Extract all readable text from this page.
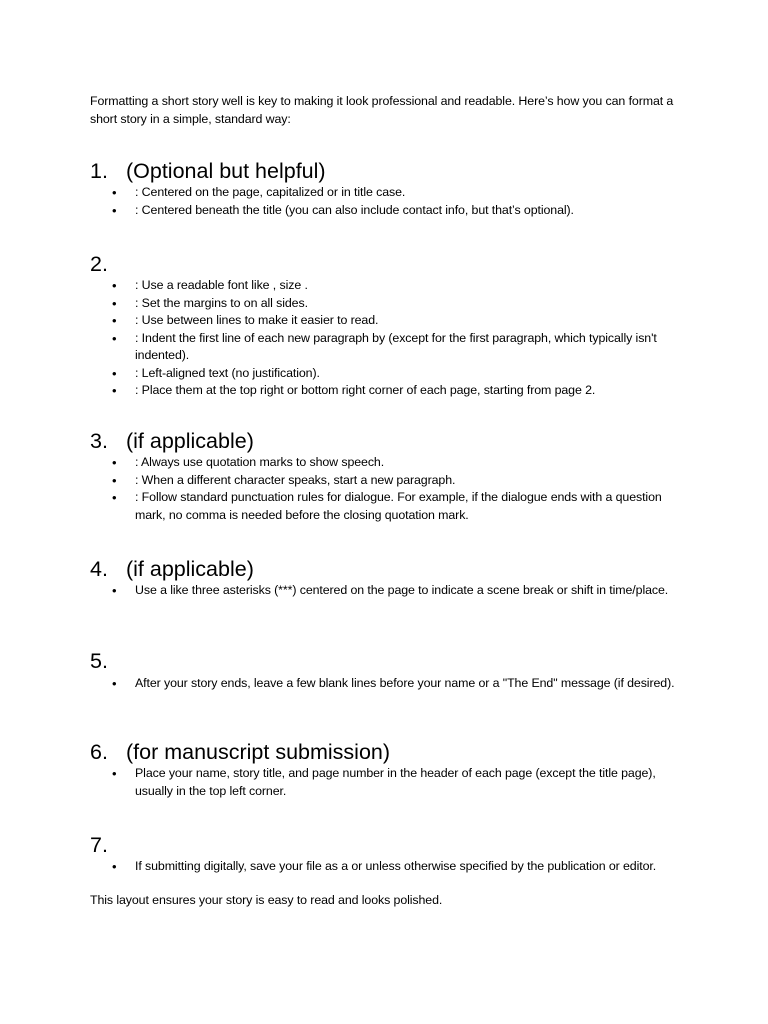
Formatting a short story well is key to making it look professional and readable. Here’s how you can format a short story in a simple, standard way:

1. (Optional but helpful)
• : Centered on the page, capitalized or in title case.
• : Centered beneath the title (you can also include contact info, but that’s optional).
2.
• : Use a readable font like , size .
• : Set the margins to on all sides.
• : Use between lines to make it easier to read.
• : Indent the first line of each new paragraph by (except for the first paragraph, which typically isn't indented).
• : Left-aligned text (no justification).
• : Place them at the top right or bottom right corner of each page, starting from page 2.
3. (if applicable)
• : Always use quotation marks to show speech.
• : When a different character speaks, start a new paragraph.
• : Follow standard punctuation rules for dialogue. For example, if the dialogue ends with a question mark, no comma is needed before the closing quotation mark.
4. (if applicable)
• Use a like three asterisks (***) centered on the page to indicate a scene break or shift in time/place.
5.
• After your story ends, leave a few blank lines before your name or a "The End" message (if desired).
6. (for manuscript submission)
• Place your name, story title, and page number in the header of each page (except the title page), usually in the top left corner.
7.
• If submitting digitally, save your file as a or unless otherwise specified by the publication or editor.

This layout ensures your story is easy to read and looks polished.
